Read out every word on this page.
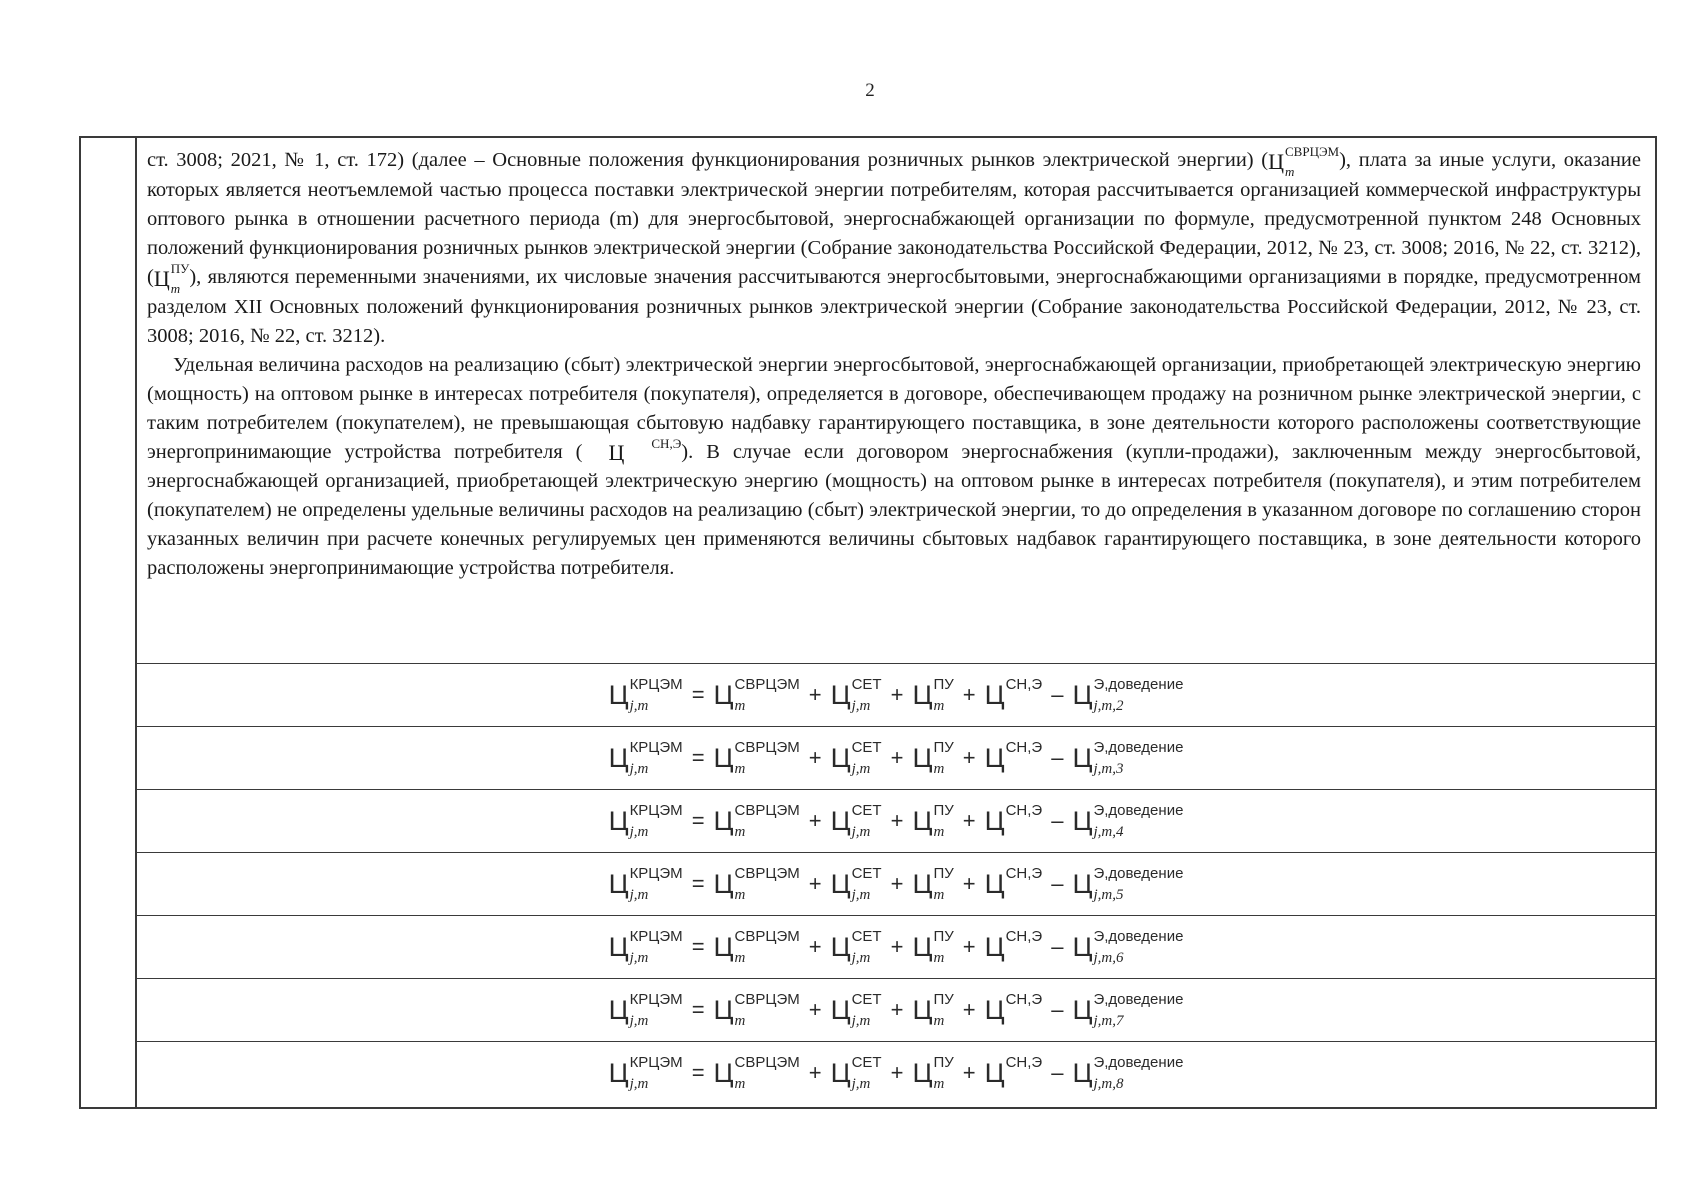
2

ст. 3008; 2021, № 1, ст. 172) (далее – Основные положения функционирования розничных рынков электрической энергии) ( Ц СВРЦЭМ
m
), плата за иные услуги, оказание которых является неотъемлемой частью процесса поставки электрической энергии потребителям, которая рассчитывается организацией коммерческой инфраструктуры оптового рынка в отношении расчетного периода (m) для энергосбытовой, энергоснабжающей организации по формуле, предусмотренной пунктом 248 Основных положений функционирования розничных рынков электрической энергии (Собрание законодательства Российской Федерации, 2012, № 23, ст. 3008; 2016, № 22, ст. 3212), ( Ц ПУ
m
), являются переменными значениями, их числовые значения рассчитываются энергосбытовыми, энергоснабжающими организациями в порядке, предусмотренном разделом XII Основных положений функционирования розничных рынков электрической энергии (Собрание законодательства Российской Федерации, 2012, № 23, ст. 3008; 2016, № 22, ст. 3212).

Удельная величина расходов на реализацию (сбыт) электрической энергии энергосбытовой, энергоснабжающей организации, приобретающей электрическую энергию (мощность) на оптовом рынке в интересах потребителя (покупателя), определяется в договоре, обеспечивающем продажу на розничном рынке электрической энергии, с таким потребителем (покупателем), не превышающая сбытовую надбавку гарантирующего поставщика, в зоне деятельности которого расположены соответствующие энергопринимающие устройства потребителя (	Ц	СН,Э
). В случае если договором энергоснабжения (купли-продажи), заключенным между энергосбытовой, энергоснабжающей организацией, приобретающей электрическую энергию (мощность) на оптовом рынке в интересах потребителя (покупателя), и этим потребителем (покупателем) не определены удельные величины расходов на реализацию (сбыт) электрической энергии, то до определения в указанном договоре по соглашению сторон указанных величин при расчете конечных регулируемых цен применяются величины сбытовых надбавок гарантирующего поставщика, в зоне деятельности которого расположены энергопринимающие устройства потребителя.

Ц КРЦЭМ
j,m	= Ц СВРЦЭМ
m	+ Ц СЕТ
j,m + Ц ПУ
m + Ц СН,Э
– Ц Э,доведение
j,m,2
Ц КРЦЭМ
j,m	= Ц СВРЦЭМ
m	+ Ц СЕТ
j,m + Ц ПУ
m + Ц СН,Э
– Ц Э,доведение
j,m,3
Ц КРЦЭМ
j,m	= Ц СВРЦЭМ
m	+ Ц СЕТ
j,m + Ц ПУ
m + Ц СН,Э
– Ц Э,доведение
j,m,4
Ц КРЦЭМ
j,m	= Ц СВРЦЭМ
m	+ Ц СЕТ
j,m + Ц ПУ
m + Ц СН,Э
– Ц Э,доведение
j,m,5
Ц КРЦЭМ
j,m	= Ц СВРЦЭМ
m	+ Ц СЕТ
j,m + Ц ПУ
m + Ц СН,Э
– Ц Э,доведение
j,m,6
Ц КРЦЭМ
j,m	= Ц СВРЦЭМ
m	+ Ц СЕТ
j,m + Ц ПУ
m + Ц СН,Э
– Ц Э,доведение
j,m,7
Ц КРЦЭМ
j,m	= Ц СВРЦЭМ
m	+ Ц СЕТ
j,m + Ц ПУ
m + Ц СН,Э
– Ц Э,доведение
j,m,8
